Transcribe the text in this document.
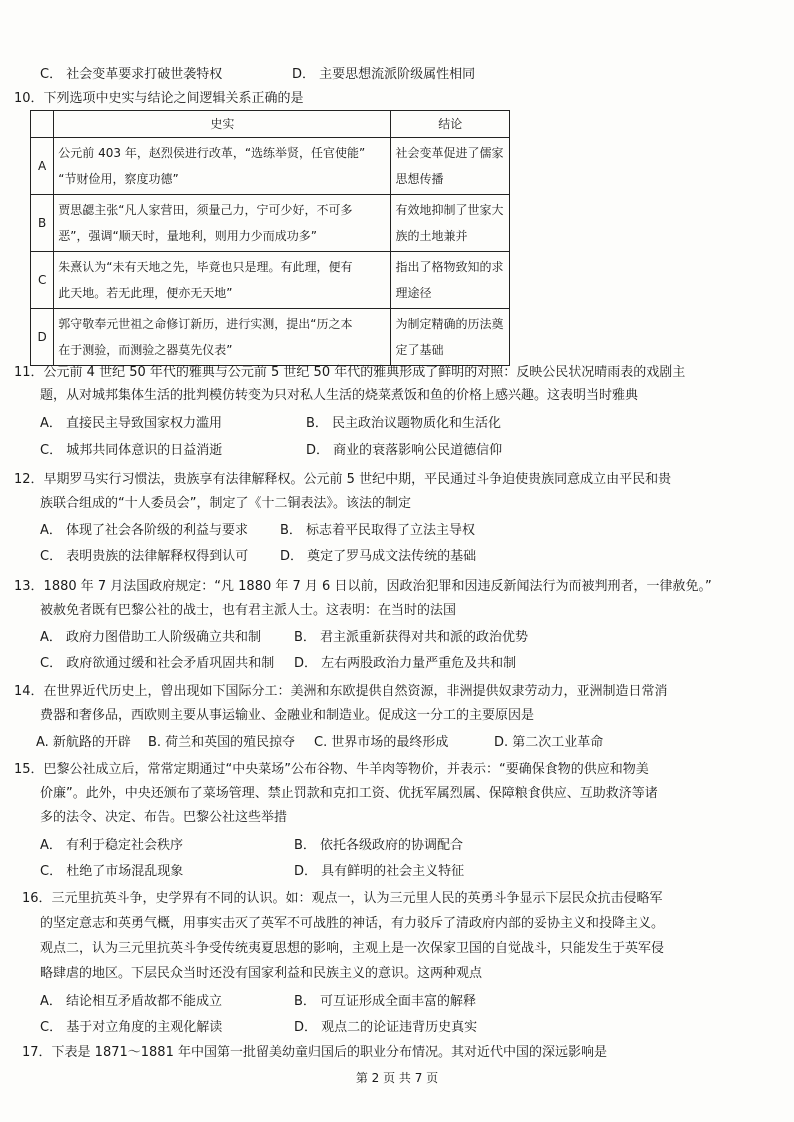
C． 社会变革要求打破世袭特权	D． 主要思想流派阶级属性相同
10．下列选项中史实与结论之间逻辑关系正确的是
	史实	结论
A	公元前 403 年，赵烈侯进行改革，“选练举贤，任官使能”
“节财俭用，察度功德”	社会变革促进了儒家
思想传播

B	贾思勰主张“凡人家营田，须量己力，宁可少好，不可多
恶”，强调“顺天时，量地利，则用力少而成功多”	有效地抑制了世家大
族的土地兼并

C	朱熹认为“未有天地之先，毕竟也只是理。有此理，便有
此天地。若无此理，便亦无天地”	指出了格物致知的求
理途径

D	郭守敬奉元世祖之命修订新历，进行实测，提出“历之本
在于测验，而测验之器莫先仪表”	为制定精确的历法奠
定了基础
11．公元前 4 世纪 50 年代的雅典与公元前 5 世纪 50 年代的雅典形成了鲜明的对照：反映公民状况晴雨表的戏剧主
题，从对城邦集体生活的批判模仿转变为只对私人生活的烧菜煮饭和鱼的价格上感兴趣。这表明当时雅典
A． 直接民主导致国家权力滥用	B． 民主政治议题物质化和生活化
C． 城邦共同体意识的日益消逝	D． 商业的衰落影响公民道德信仰
12．早期罗马实行习惯法，贵族享有法律解释权。公元前 5 世纪中期，平民通过斗争迫使贵族同意成立由平民和贵
族联合组成的“十人委员会”，制定了《十二铜表法》。该法的制定
A． 体现了社会各阶级的利益与要求 B． 标志着平民取得了立法主导权
C． 表明贵族的法律解释权得到认可 D． 奠定了罗马成文法传统的基础
13．1880 年 7 月法国政府规定：“凡 1880 年 7 月 6 日以前，因政治犯罪和因违反新闻法行为而被判刑者，一律赦免。”
被赦免者既有巴黎公社的战士，也有君主派人士。这表明：在当时的法国
A． 政府力图借助工人阶级确立共和制	B． 君主派重新获得对共和派的政治优势
C． 政府欲通过缓和社会矛盾巩固共和制 D． 左右两股政治力量严重危及共和制
14．在世界近代历史上，曾出现如下国际分工：美洲和东欧提供自然资源，非洲提供奴隶劳动力，亚洲制造日常消
费器和奢侈品，西欧则主要从事运输业、金融业和制造业。促成这一分工的主要原因是
A. 新航路的开辟 B. 荷兰和英国的殖民掠夺 C. 世界市场的最终形成	D. 第二次工业革命
15．巴黎公社成立后，常常定期通过“中央菜场”公布谷物、牛羊肉等物价，并表示：“要确保食物的供应和物美
价廉”。此外，中央还颁布了菜场管理、禁止罚款和克扣工资、优抚军属烈属、保障粮食供应、互助救济等诸
多的法令、决定、布告。巴黎公社这些举措
A． 有利于稳定社会秩序	B． 依托各级政府的协调配合
C． 杜绝了市场混乱现象	D． 具有鲜明的社会主义特征
16．三元里抗英斗争，史学界有不同的认识。如：观点一，认为三元里人民的英勇斗争显示下层民众抗击侵略军
的坚定意志和英勇气概，用事实击灭了英军不可战胜的神话，有力驳斥了清政府内部的妥协主义和投降主义。
观点二，认为三元里抗英斗争受传统夷夏思想的影响，主观上是一次保家卫国的自觉战斗，只能发生于英军侵
略肆虐的地区。下层民众当时还没有国家利益和民族主义的意识。这两种观点
A． 结论相互矛盾故都不能成立	B． 可互证形成全面丰富的解释
C． 基于对立角度的主观化解读	D． 观点二的论证违背历史真实
17．下表是 1871～1881 年中国第一批留美幼童归国后的职业分布情况。其对近代中国的深远影响是
第 2 页 共 7 页
